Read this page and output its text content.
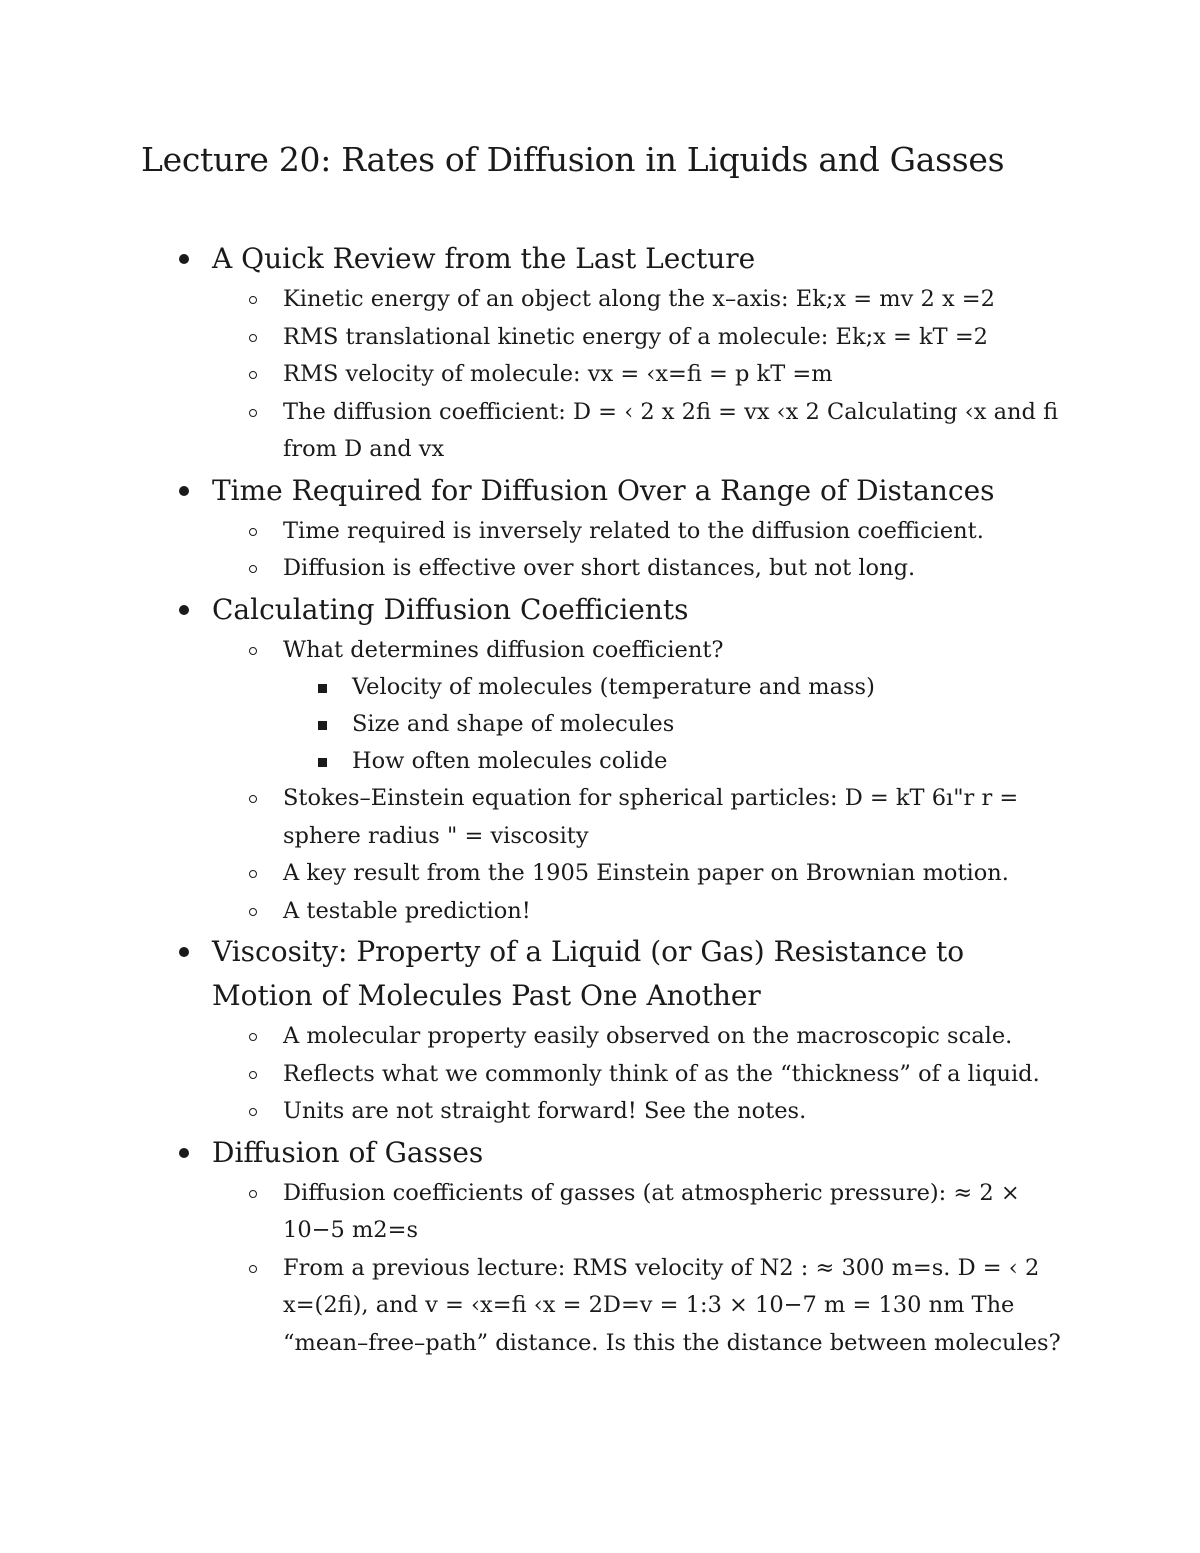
Lecture 20: Rates of Diffusion in Liquids and Gasses
A Quick Review from the Last Lecture
Kinetic energy of an object along the x–axis: Ek;x = mv 2 x =2
RMS translational kinetic energy of a molecule: Ek;x = kT =2
RMS velocity of molecule: vx = ‹x=ﬁ = p kT =m
The diffusion coefficient: D = ‹ 2 x 2ﬁ = vx ‹x 2 Calculating ‹x and ﬁ from D and vx
Time Required for Diffusion Over a Range of Distances
Time required is inversely related to the diffusion coefficient.
Diffusion is effective over short distances, but not long.
Calculating Diffusion Coefficients
What determines diffusion coefficient?
Velocity of molecules (temperature and mass)
Size and shape of molecules
How often molecules colide
Stokes–Einstein equation for spherical particles: D = kT 6ı"r r = sphere radius " = viscosity
A key result from the 1905 Einstein paper on Brownian motion.
A testable prediction!
Viscosity: Property of a Liquid (or Gas) Resistance to Motion of Molecules Past One Another
A molecular property easily observed on the macroscopic scale.
Reflects what we commonly think of as the “thickness” of a liquid.
Units are not straight forward! See the notes.
Diffusion of Gasses
Diffusion coefficients of gasses (at atmospheric pressure): ≈ 2 × 10−5 m2=s
From a previous lecture: RMS velocity of N2 : ≈ 300 m=s. D = ‹ 2 x=(2ﬁ), and v = ‹x=ﬁ ‹x = 2D=v = 1:3 × 10−7 m = 130 nm The “mean–free–path” distance. Is this the distance between molecules?
